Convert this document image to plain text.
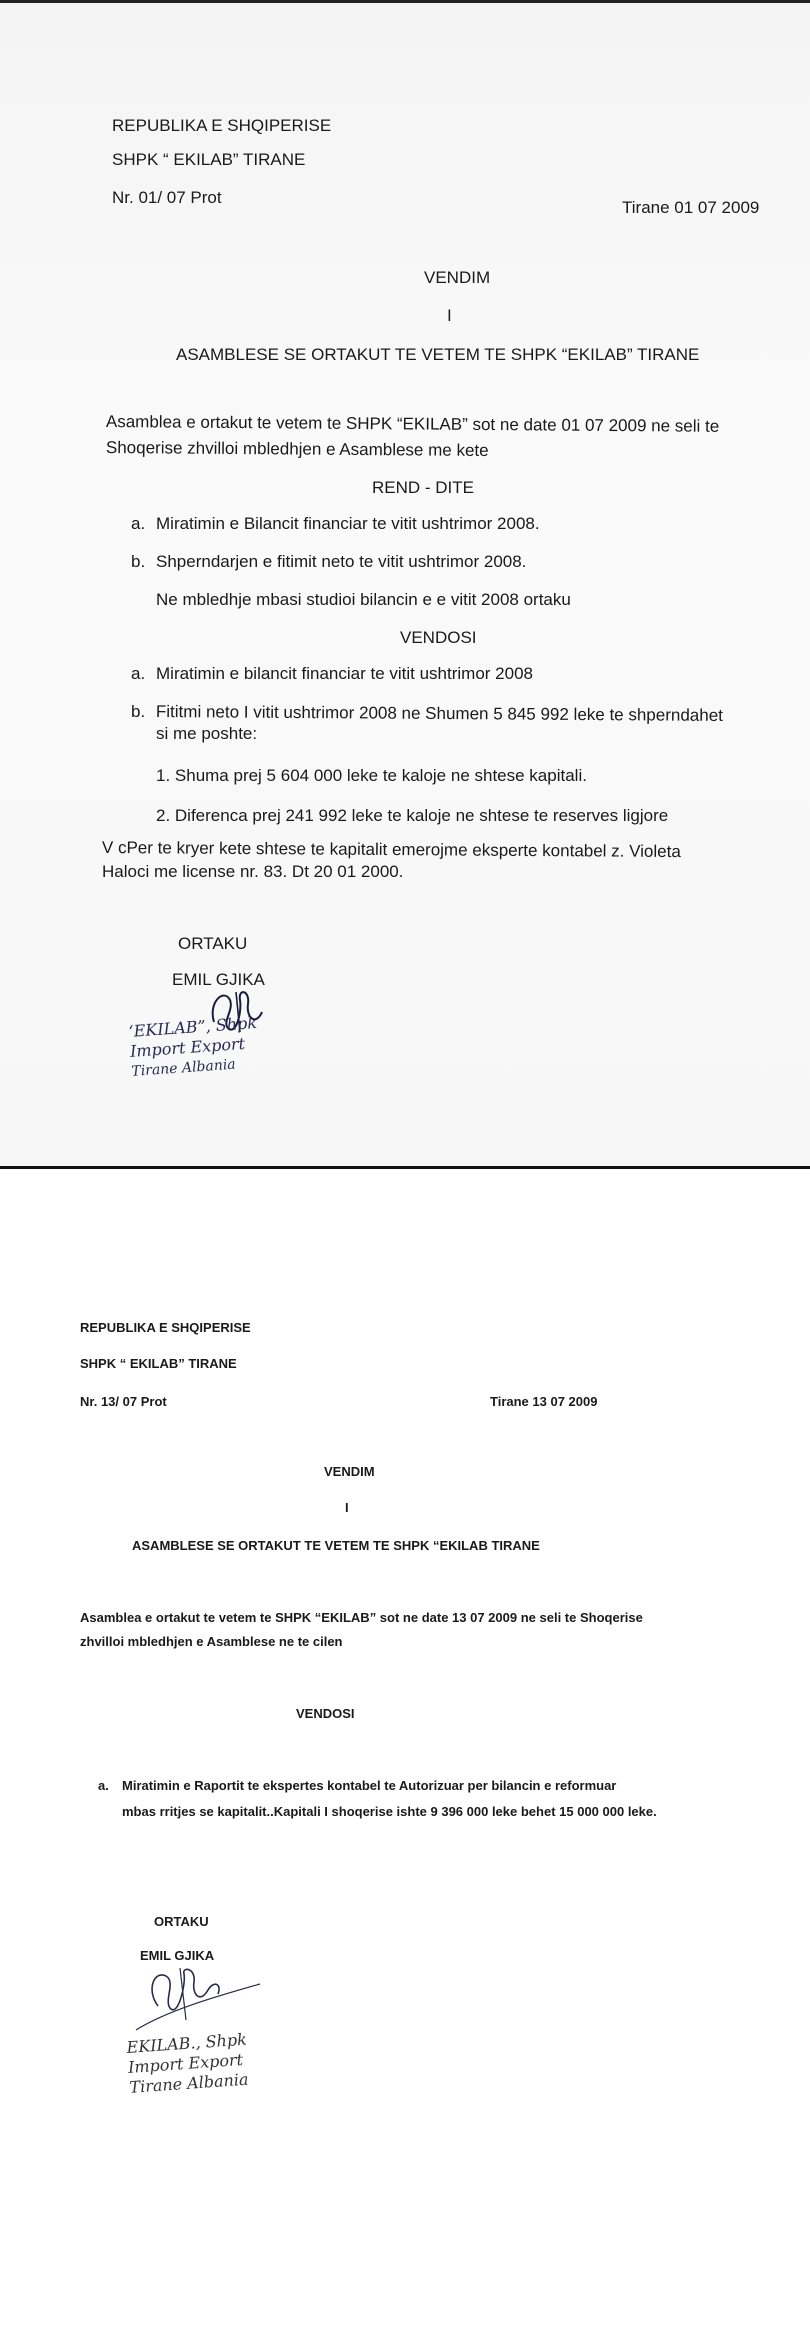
REPUBLIKA E SHQIPERISE
SHPK “ EKILAB” TIRANE
Nr. 01/ 07 Prot
Tirane 01 07 2009
VENDIM
I
ASAMBLESE SE ORTAKUT TE VETEM TE SHPK “EKILAB” TIRANE
Asamblea e ortakut te vetem te SHPK “EKILAB” sot ne date 01 07 2009 ne seli te
Shoqerise zhvilloi mbledhjen e Asamblese me kete
REND - DITE
a. Miratimin e Bilancit financiar te vitit ushtrimor 2008.
b. Shperndarjen e fitimit neto te vitit ushtrimor 2008.
Ne mbledhje mbasi studioi bilancin e e vitit 2008 ortaku
VENDOSI
a. Miratimin e bilancit financiar te vitit ushtrimor 2008
b. Fititmi neto I vitit ushtrimor 2008 ne Shumen 5 845 992 leke te shperndahet
si me poshte:
1. Shuma prej 5 604 000 leke te kaloje ne shtese kapitali.
2. Diferenca prej 241 992 leke te kaloje ne shtese te reserves ligjore
V cPer te kryer kete shtese te kapitalit emerojme eksperte kontabel z. Violeta
Haloci me license nr. 83. Dt 20 01 2000.
ORTAKU
EMIL GJIKA
‘EKILAB”, Shpk
Import Export
Tirane Albania
REPUBLIKA E SHQIPERISE
SHPK “ EKILAB” TIRANE
Nr. 13/ 07 Prot	Tirane 13 07 2009
VENDIM
I
ASAMBLESE SE ORTAKUT TE VETEM TE SHPK “EKILAB TIRANE
Asamblea e ortakut te vetem te SHPK “EKILAB” sot ne date 13 07 2009 ne seli te Shoqerise
zhvilloi mbledhjen e Asamblese ne te cilen
VENDOSI
a. Miratimin e Raportit te ekspertes kontabel te Autorizuar per bilancin e reformuar
mbas rritjes se kapitalit..Kapitali I shoqerise ishte 9 396 000 leke behet 15 000 000 leke.
ORTAKU
EMIL GJIKA
EKILAB., Shpk
Import Export
Tirane Albania
